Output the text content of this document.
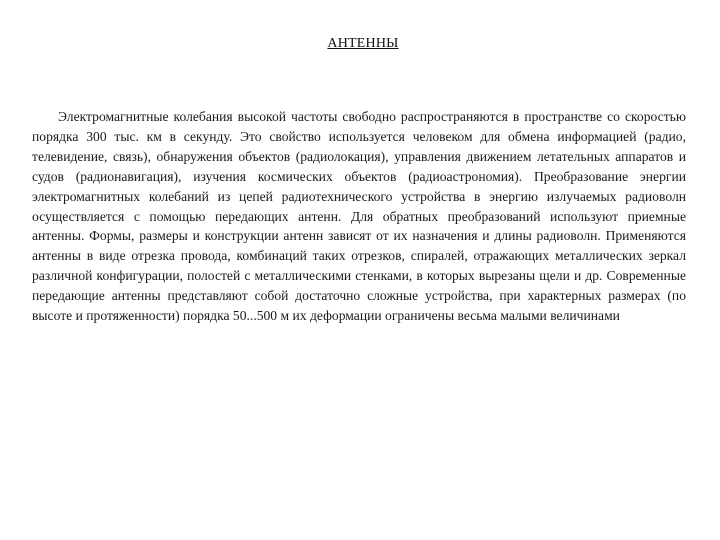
АНТЕННЫ

Электромагнитные колебания высокой частоты свободно распространяются в пространстве со скоростью порядка 300 тыс. км в секунду. Это свойство используется человеком для обмена информацией (радио, телевидение, связь), обнаружения объектов (радиолокация), управления движением летательных аппаратов и судов (радионавигация), изучения космических объектов (радиоастрономия). Преобразование энергии электромагнитных колебаний из цепей радиотехнического устройства в энергию излучаемых радиоволн осуществляется с помощью передающих антенн. Для обратных преобразований используют приемные антенны. Формы, размеры и конструкции антенн зависят от их назначения и длины радиоволн. Применяются антенны в виде отрезка провода, комбинаций таких отрезков, спиралей, отражающих металлических зеркал различной конфигурации, полостей с металлическими стенками, в которых вырезаны щели и др. Современные передающие антенны представляют собой достаточно сложные устройства, при характерных размерах (по высоте и протяженности) порядка 50...500 м их деформации ограничены весьма малыми величинами
